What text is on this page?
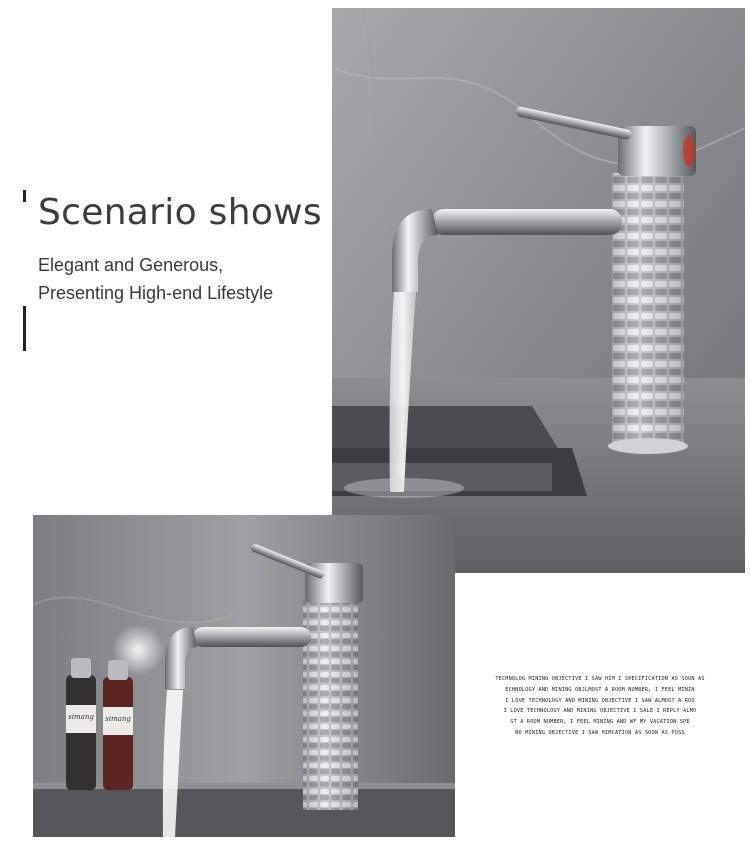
Scenario shows
Elegant and Generous,
Presenting High-end Lifestyle
simang simang
TECHNOLOG MINING OBJECTIVE I SAW HIM I SPECIFICATION AS SOON AS
ECHNOLOGY AND MINING OBJLMOST A ROOM NUMBER, I FEEL MININ
I LOVE TECHNOLOGY AND MINING OBJECTIVE I SAW ALMOST A ROO
I LOVE TECHNOLOGY AND MINING OBJECTIVE I SALE I REPLY ALMO
ST A ROOM NUMBER, I FEEL MINING AND WF MY VACATION SPE
NO MINING OBJECTIVE I SAW HIMCATION AS SOON AS POSS
